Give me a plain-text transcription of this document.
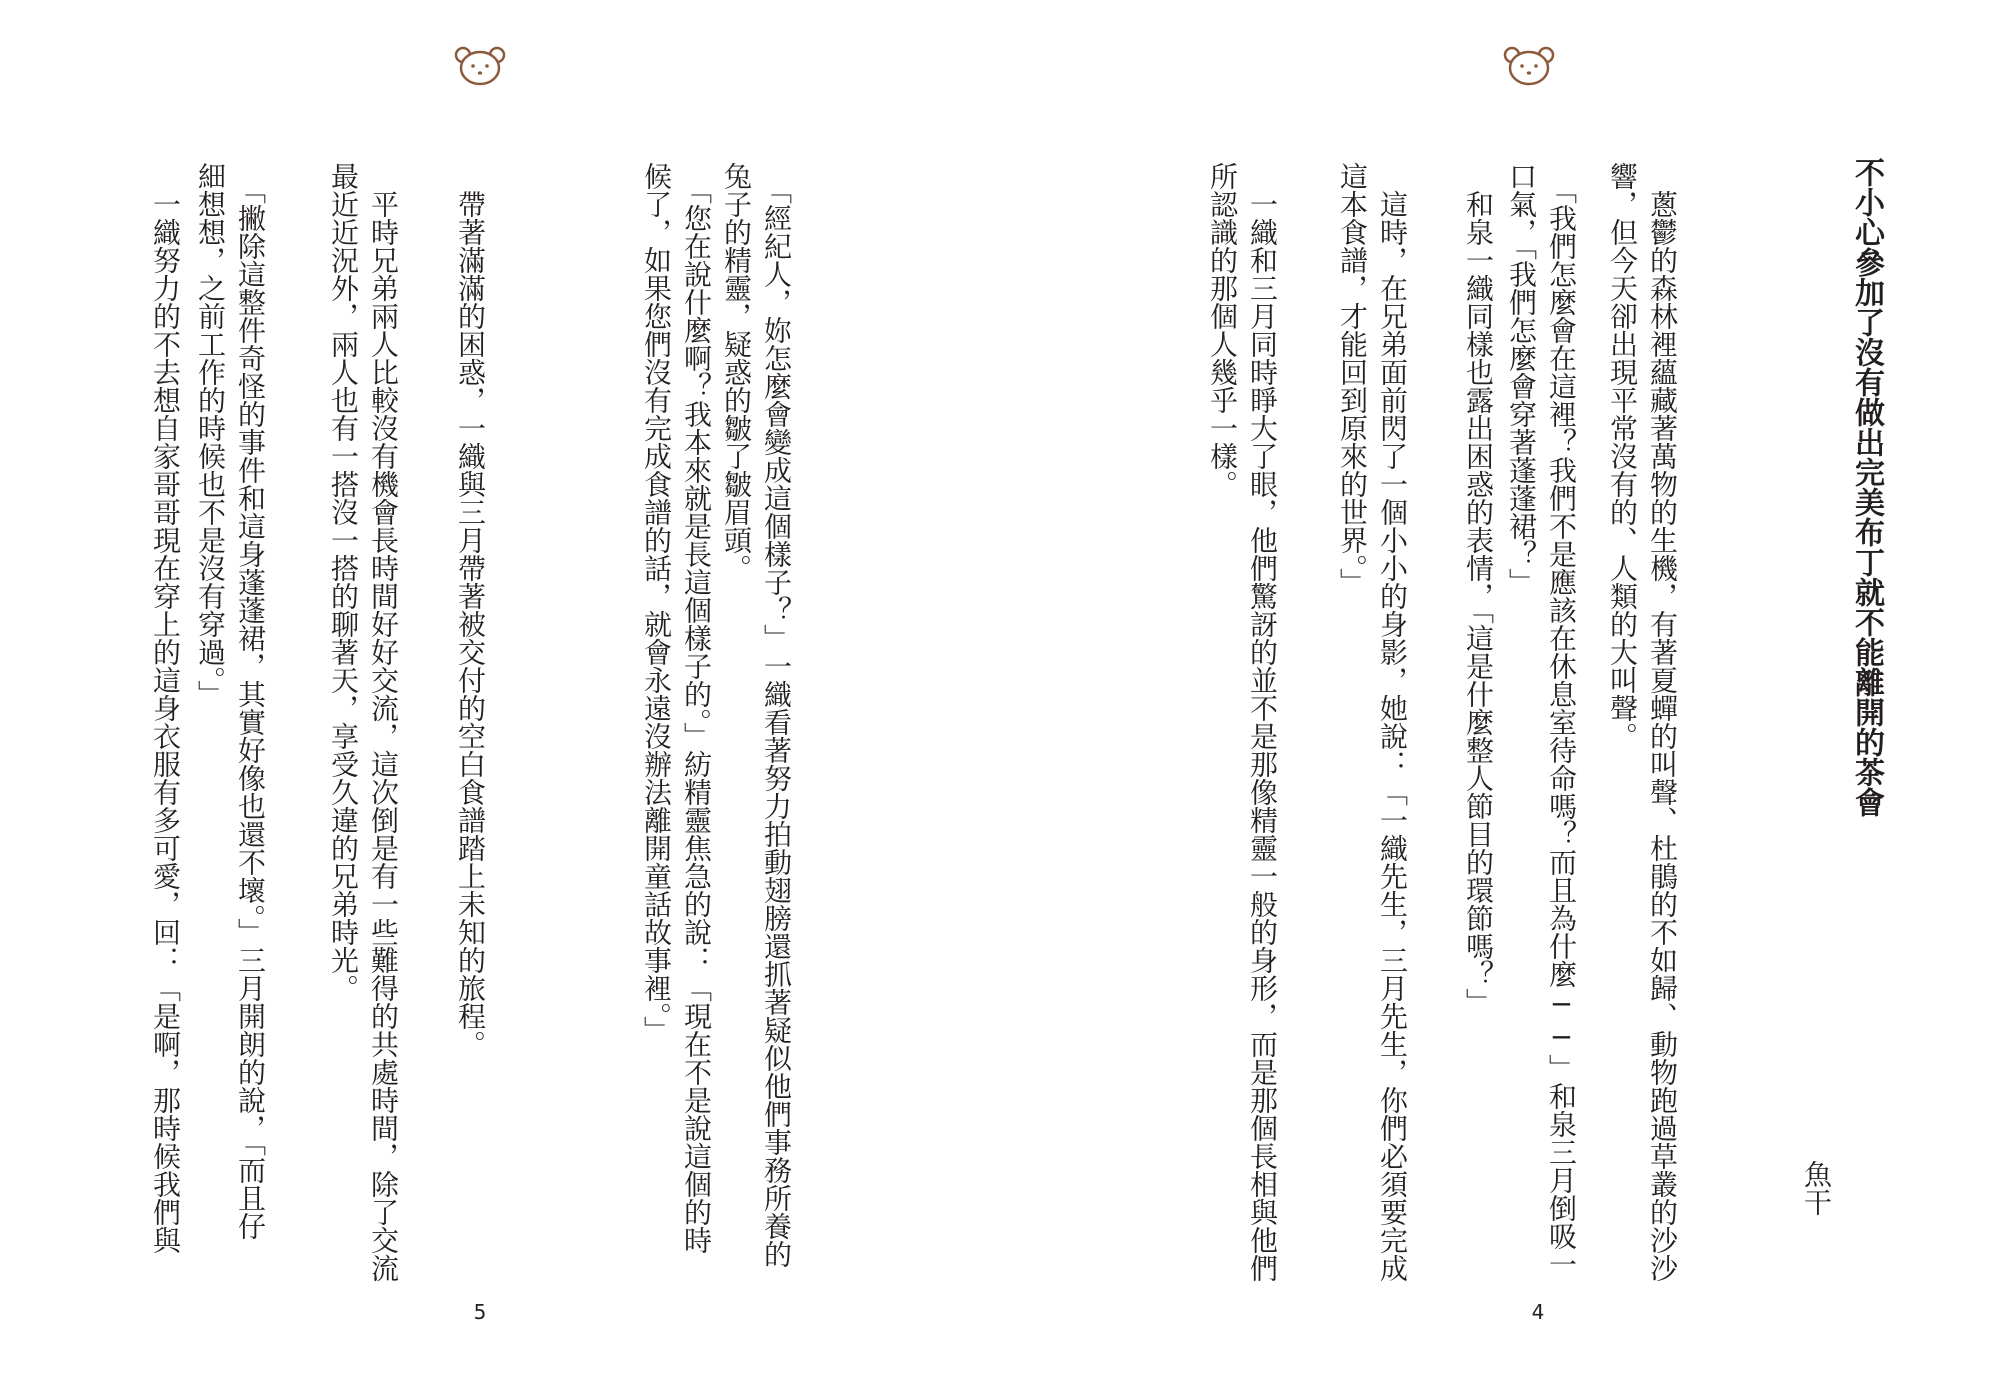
　「經紀人，妳怎麼會變成這個樣子？」一織看著努力拍動翅膀還抓著疑似他們事務所養的
兔子的精靈，疑惑的皺了皺眉頭。
　「您在說什麼啊？我本來就是長這個樣子的。」紡精靈焦急的說：「現在不是說這個的時
候了，如果您們沒有完成食譜的話，就會永遠沒辦法離開童話故事裡。」
　帶著滿滿的困惑，一織與三月帶著被交付的空白食譜踏上未知的旅程。
　平時兄弟兩人比較沒有機會長時間好好交流，這次倒是有一些難得的共處時間，除了交流
最近近況外，兩人也有一搭沒一搭的聊著天，享受久違的兄弟時光。
　「撇除這整件奇怪的事件和這身蓬蓬裙，其實好像也還不壞。」三月開朗的說，「而且仔
細想想，之前工作的時候也不是沒有穿過。」
　一織努力的不去想自家哥哥現在穿上的這身衣服有多可愛，回：「是啊，那時候我們與
5
不小心參加了沒有做出完美布丁就不能離開的茶會
魚干
　蔥鬱的森林裡蘊藏著萬物的生機，有著夏蟬的叫聲、杜鵑的不如歸、動物跑過草叢的沙沙
響，但今天卻出現平常沒有的、人類的大叫聲。
　「我們怎麼會在這裡？我們不是應該在休息室待命嗎？而且為什麼──」和泉三月倒吸一
口氣，「我們怎麼會穿著蓬蓬裙？」
　和泉一織同樣也露出困惑的表情，「這是什麼整人節目的環節嗎？」
　這時，在兄弟面前閃了一個小小的身影，她說：「一織先生，三月先生，你們必須要完成
這本食譜，才能回到原來的世界。」
　一織和三月同時睜大了眼，他們驚訝的並不是那像精靈一般的身形，而是那個長相與他們
所認識的那個人幾乎一樣。
4
